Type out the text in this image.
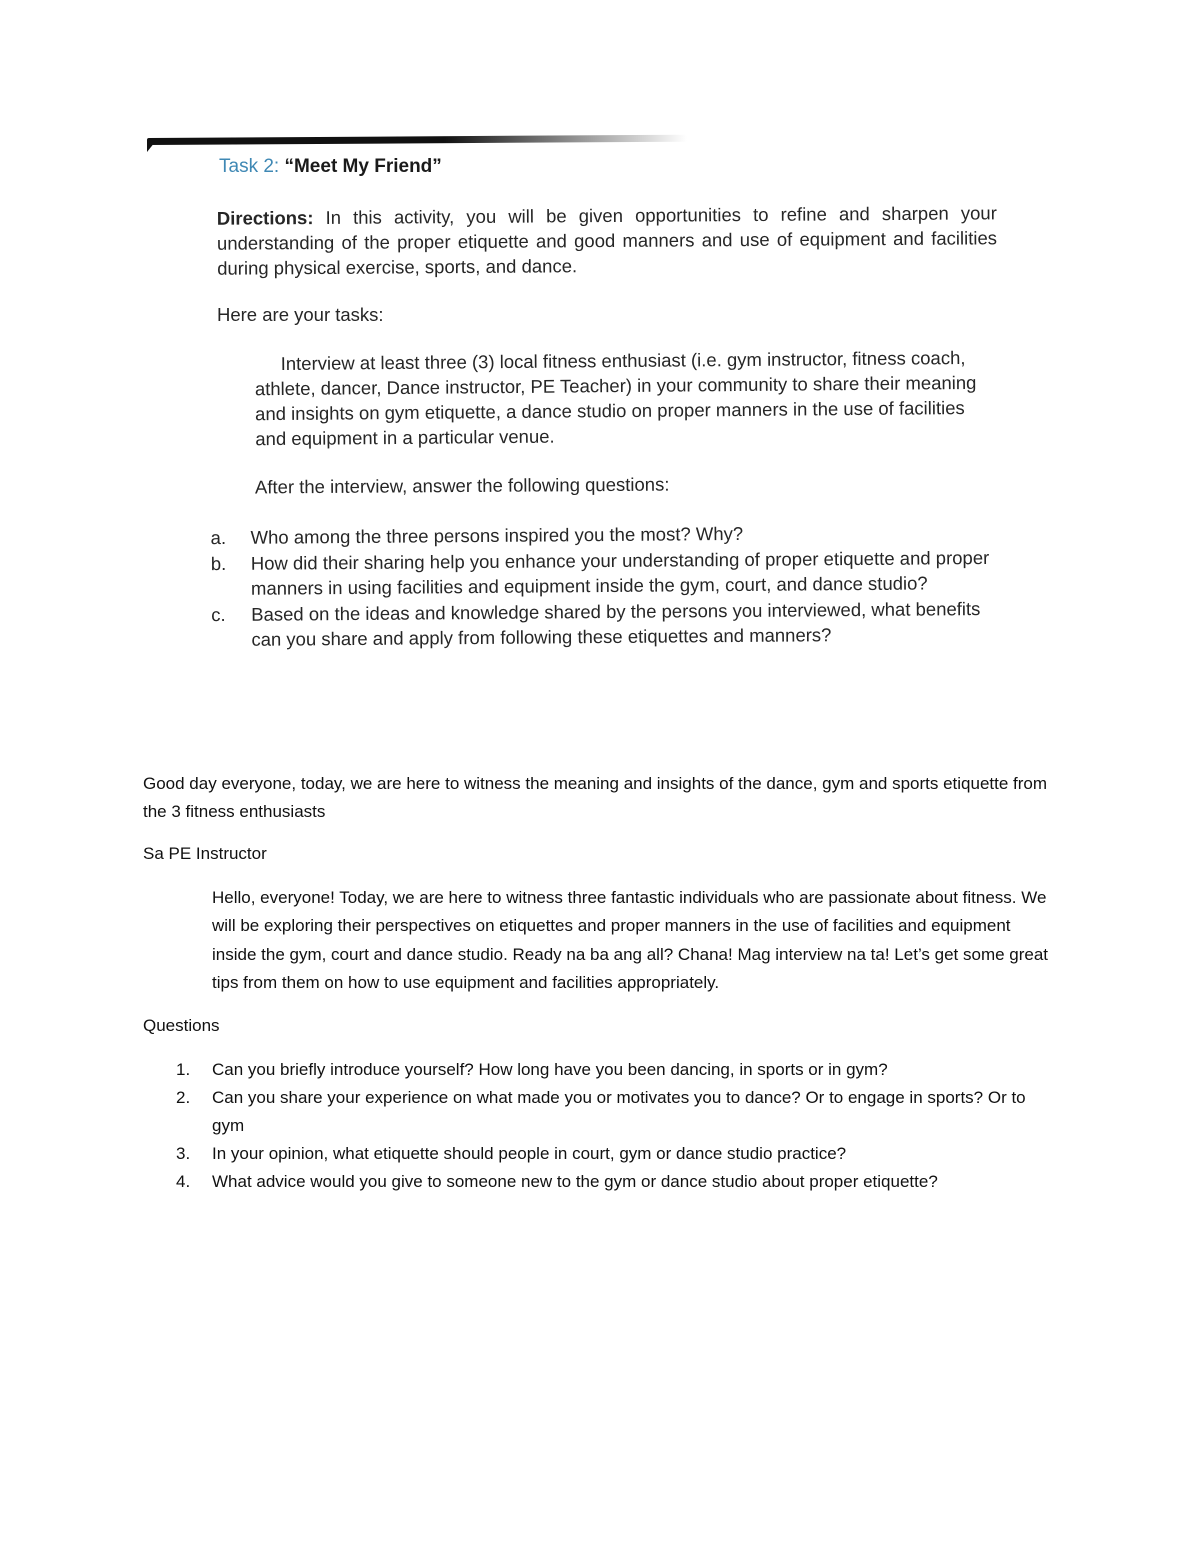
Task 2: “Meet My Friend”
Directions: In this activity, you will be given opportunities to refine and sharpen your understanding of the proper etiquette and good manners and use of equipment and facilities during physical exercise, sports, and dance.
Here are your tasks:
Interview at least three (3) local fitness enthusiast (i.e. gym instructor, fitness coach, athlete, dancer, Dance instructor, PE Teacher) in your community to share their meaning and insights on gym etiquette, a dance studio on proper manners in the use of facilities and equipment in a particular venue.
After the interview, answer the following questions:
a.	Who among the three persons inspired you the most? Why?
b.	How did their sharing help you enhance your understanding of proper etiquette and proper manners in using facilities and equipment inside the gym, court, and dance studio?
c.	Based on the ideas and knowledge shared by the persons you interviewed, what benefits can you share and apply from following these etiquettes and manners?

Good day everyone, today, we are here to witness the meaning and insights of the dance, gym and sports etiquette from the 3 fitness enthusiasts

Sa PE Instructor

Hello, everyone! Today, we are here to witness three fantastic individuals who are passionate about fitness. We will be exploring their perspectives on etiquettes and proper manners in the use of facilities and equipment inside the gym, court and dance studio. Ready na ba ang all? Chana! Mag interview na ta! Let’s get some great tips from them on how to use equipment and facilities appropriately.

Questions

1.	Can you briefly introduce yourself? How long have you been dancing, in sports or in gym?
2.	Can you share your experience on what made you or motivates you to dance? Or to engage in sports? Or to gym
3.	In your opinion, what etiquette should people in court, gym or dance studio practice?
4.	What advice would you give to someone new to the gym or dance studio about proper etiquette?
